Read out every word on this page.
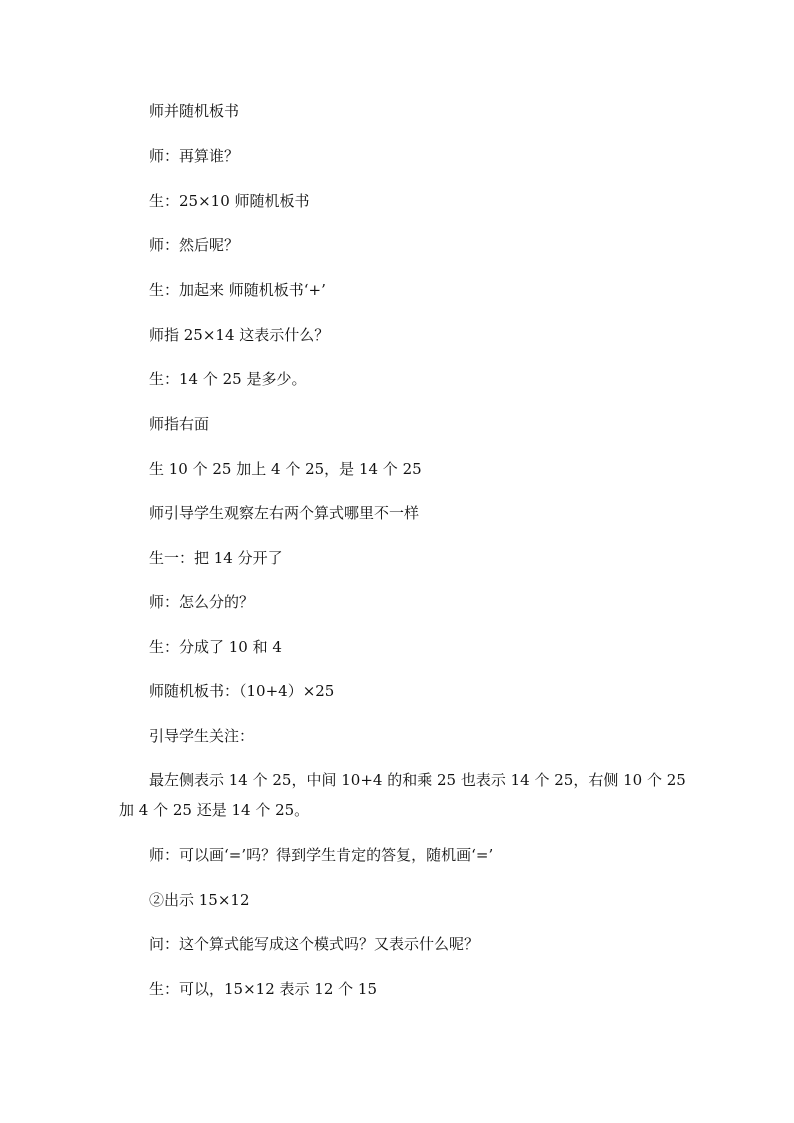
师并随机板书
师：再算谁？
生：25×10 师随机板书
师：然后呢？
生：加起来 师随机板书‘+’
师指 25×14 这表示什么？
生：14 个 25 是多少。
师指右面
生 10 个 25 加上 4 个 25，是 14 个 25
师引导学生观察左右两个算式哪里不一样
生一：把 14 分开了
师：怎么分的？
生：分成了 10 和 4
师随机板书：（10+4）×25
引导学生关注：
最左侧表示 14 个 25，中间 10+4 的和乘 25 也表示 14 个 25，右侧 10 个 25
加 4 个 25 还是 14 个 25。
师：可以画‘=’吗？得到学生肯定的答复，随机画‘=’
②出示 15×12
问：这个算式能写成这个模式吗？又表示什么呢？
生：可以，15×12 表示 12 个 15
